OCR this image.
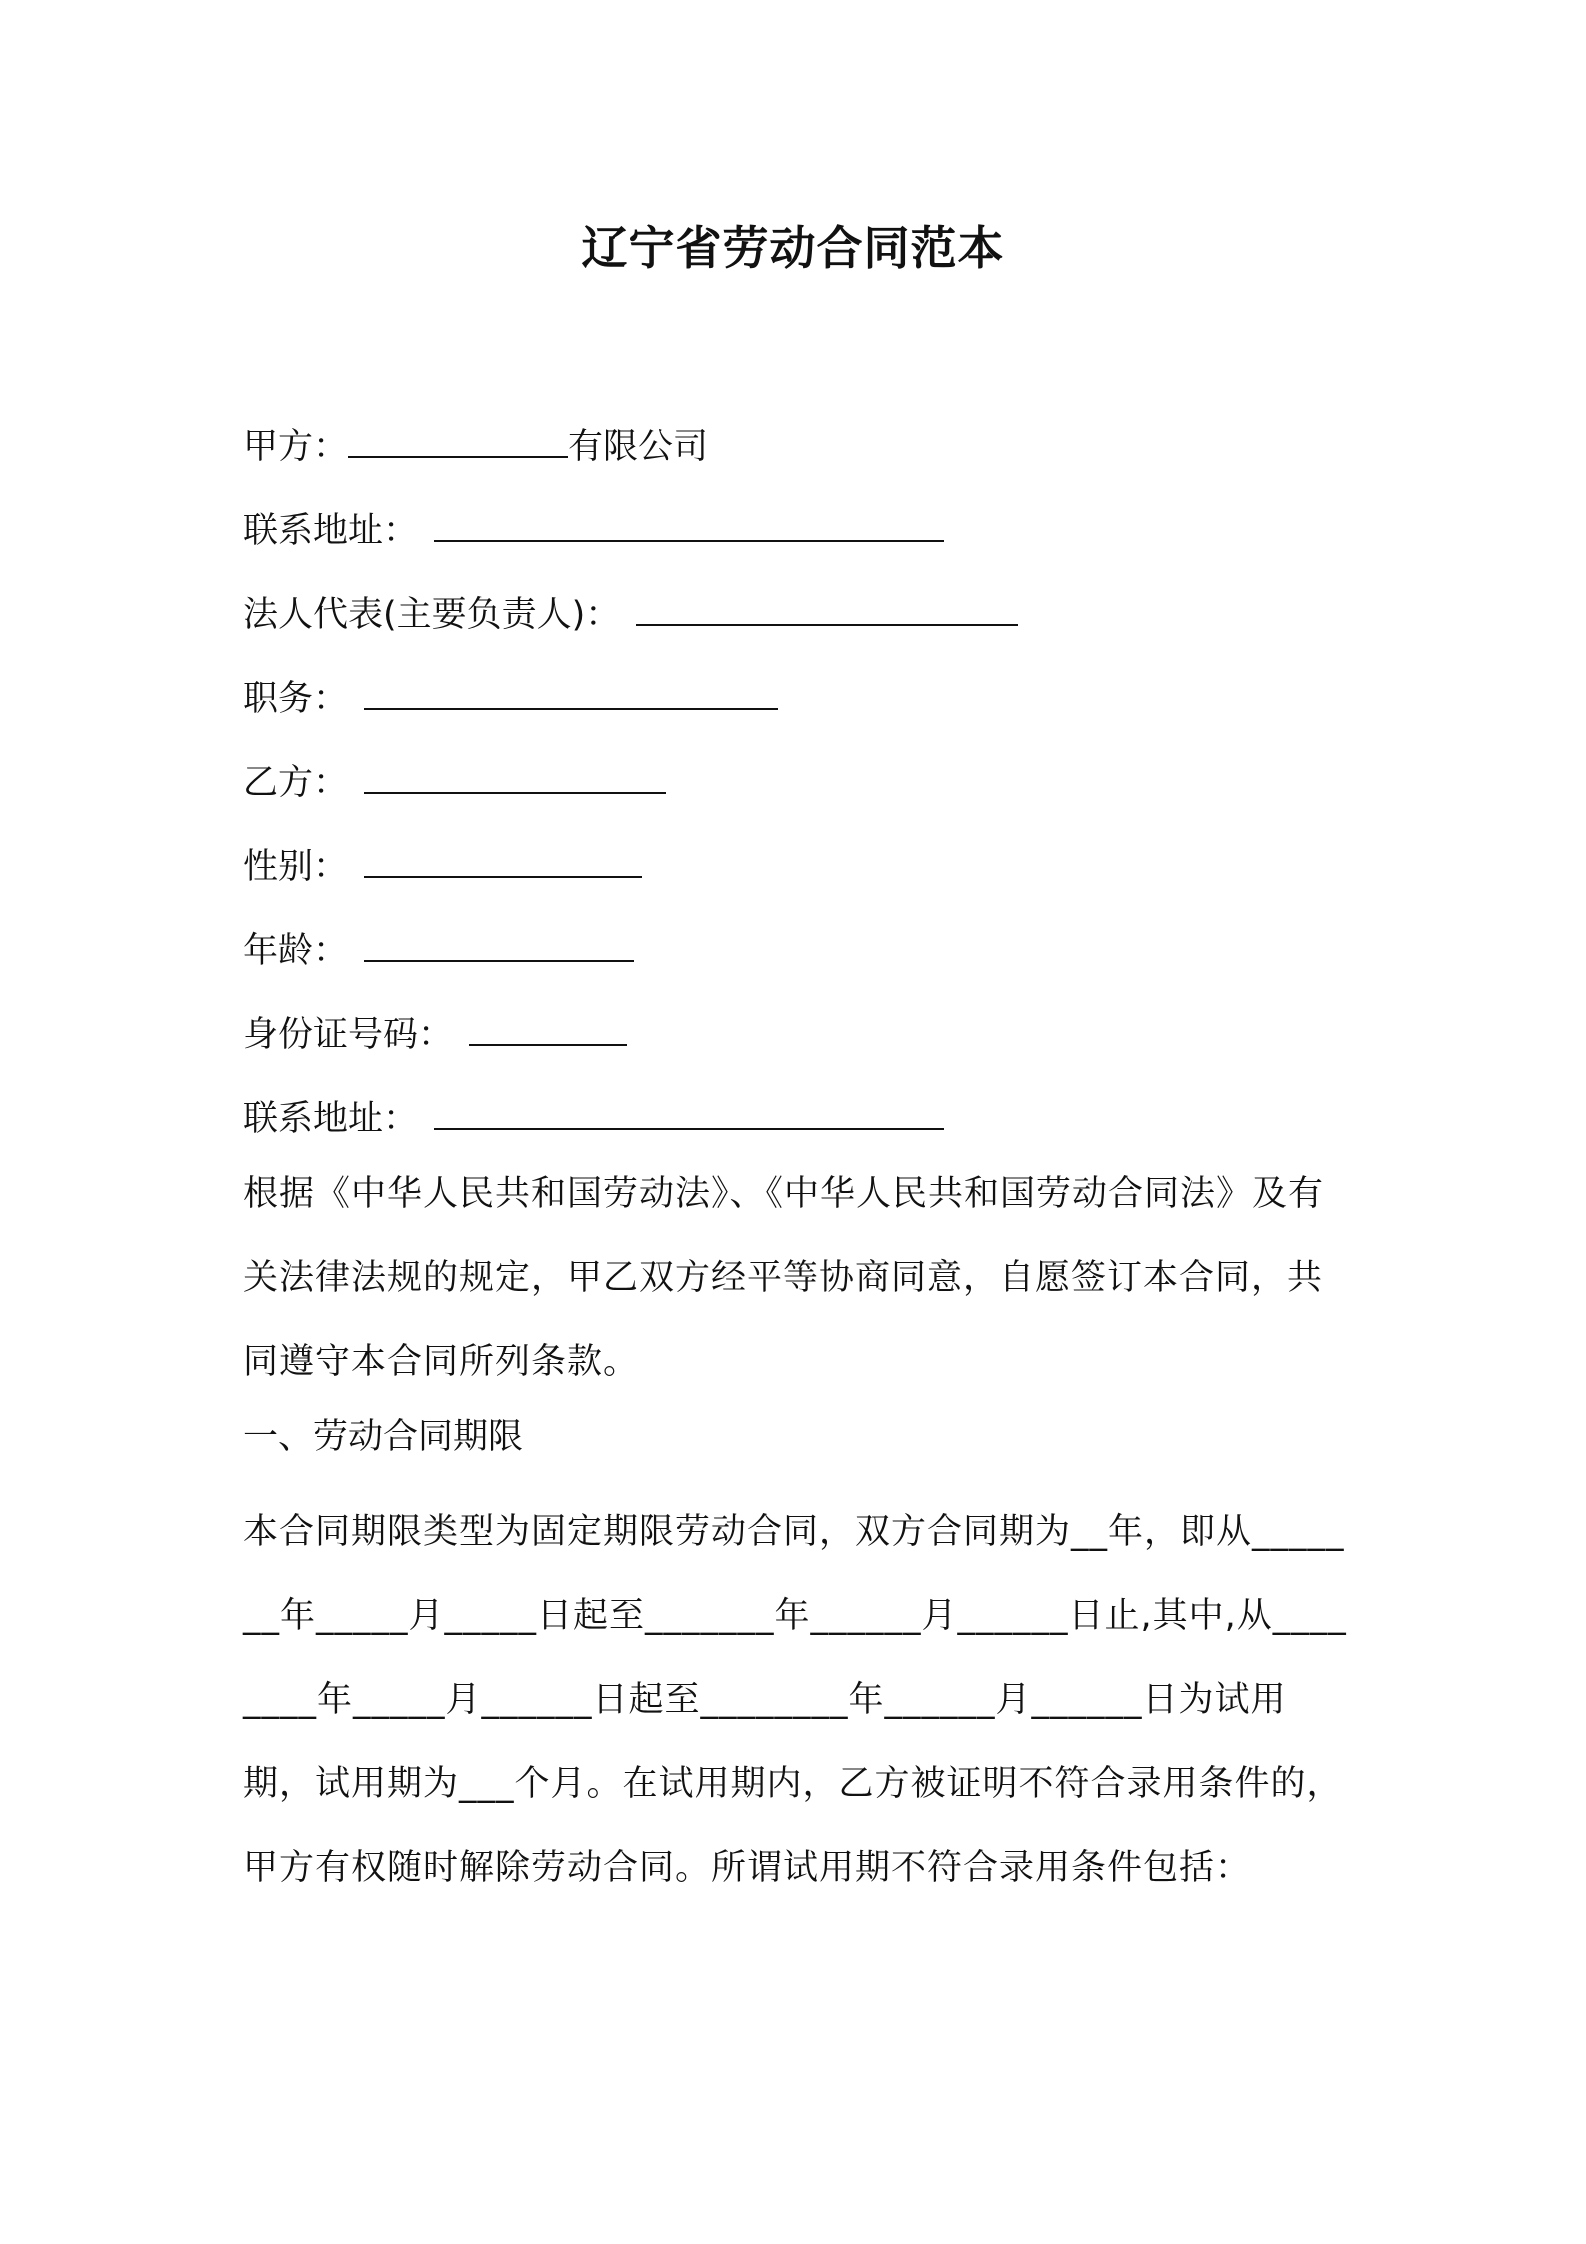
辽宁省劳动合同范本
甲方：	有限公司
联系地址：
法人代表(主要负责人)：
职务：
乙方：
性别：
年龄：
身份证号码：
联系地址：
根据《中华人民共和国劳动法》、《中华人民共和国劳动合同法》及有关法律法规的规定，甲乙双方经平等协商同意，自愿签订本合同，共同遵守本合同所列条款。
一、劳动合同期限
本合同期限类型为固定期限劳动合同，双方合同期为__年，即从_______年_____月_____日起至_______年______月______日止,其中,从________年_____月______日起至________年______月______日为试用期，试用期为___个月。在试用期内，乙方被证明不符合录用条件的，甲方有权随时解除劳动合同。所谓试用期不符合录用条件包括：
